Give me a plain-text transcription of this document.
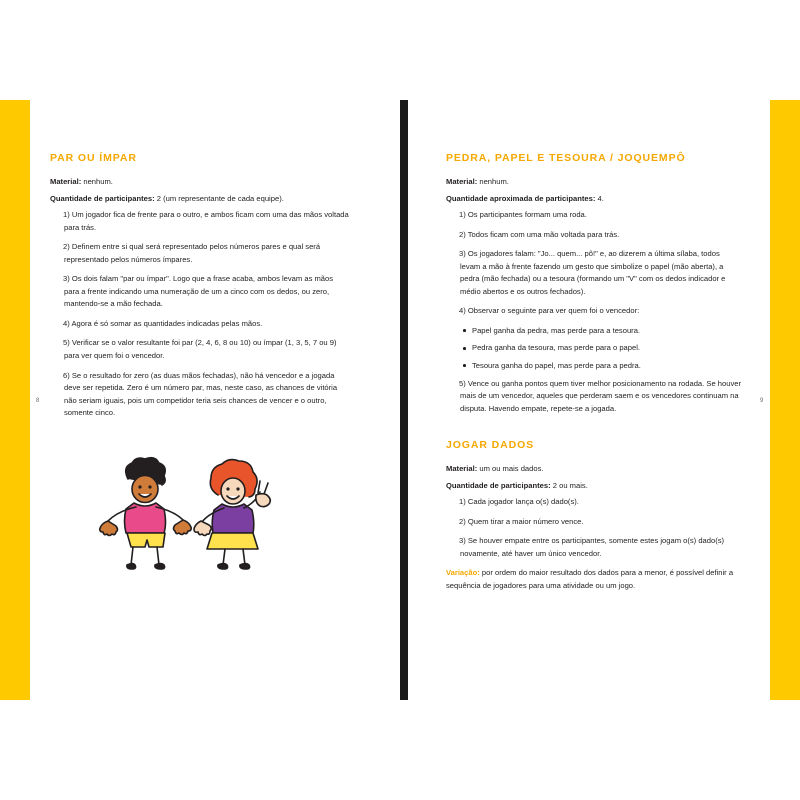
8	9
PAR OU ÍMPAR

Material: nenhum.

Quantidade de participantes: 2 (um representante de cada equipe).

1) Um jogador fica de frente para o outro, e ambos ficam com uma das mãos voltada para trás.

2) Definem entre si qual será representado pelos números pares e qual será representado pelos números ímpares.

3) Os dois falam "par ou ímpar". Logo que a frase acaba, ambos levam as mãos para a frente indicando uma numeração de um a cinco com os dedos, ou zero, mantendo-se a mão fechada.

4) Agora é só somar as quantidades indicadas pelas mãos.

5) Verificar se o valor resultante foi par (2, 4, 6, 8 ou 10) ou ímpar (1, 3, 5, 7 ou 9) para ver quem foi o vencedor.

6) Se o resultado for zero (as duas mãos fechadas), não há vencedor e a jogada deve ser repetida. Zero é um número par, mas, neste caso, as chances de vitória não seriam iguais, pois um competidor teria seis chances de vencer e o outro, somente cinco.

PEDRA, PAPEL E TESOURA / JOQUEMPÔ

Material: nenhum.

Quantidade aproximada de participantes: 4.

1) Os participantes formam uma roda.

2) Todos ficam com uma mão voltada para trás.

3) Os jogadores falam: "Jo... quem... pô!" e, ao dizerem a última sílaba, todos levam a mão à frente fazendo um gesto que simbolize o papel (mão aberta), a pedra (mão fechada) ou a tesoura (formando um "V" com os dedos indicador e médio abertos e os outros fechados).

4) Observar o seguinte para ver quem foi o vencedor:

Papel ganha da pedra, mas perde para a tesoura.

Pedra ganha da tesoura, mas perde para o papel.

Tesoura ganha do papel, mas perde para a pedra.

5) Vence ou ganha pontos quem tiver melhor posicionamento na rodada. Se houver mais de um vencedor, aqueles que perderam saem e os vencedores continuam na disputa. Havendo empate, repete-se a jogada.

JOGAR DADOS

Material: um ou mais dados.

Quantidade de participantes: 2 ou mais.

1) Cada jogador lança o(s) dado(s).

2) Quem tirar a maior número vence.

3) Se houver empate entre os participantes, somente estes jogam o(s) dado(s) novamente, até haver um único vencedor.

Variação: por ordem do maior resultado dos dados para a menor, é possível definir a sequência de jogadores para uma atividade ou um jogo.
